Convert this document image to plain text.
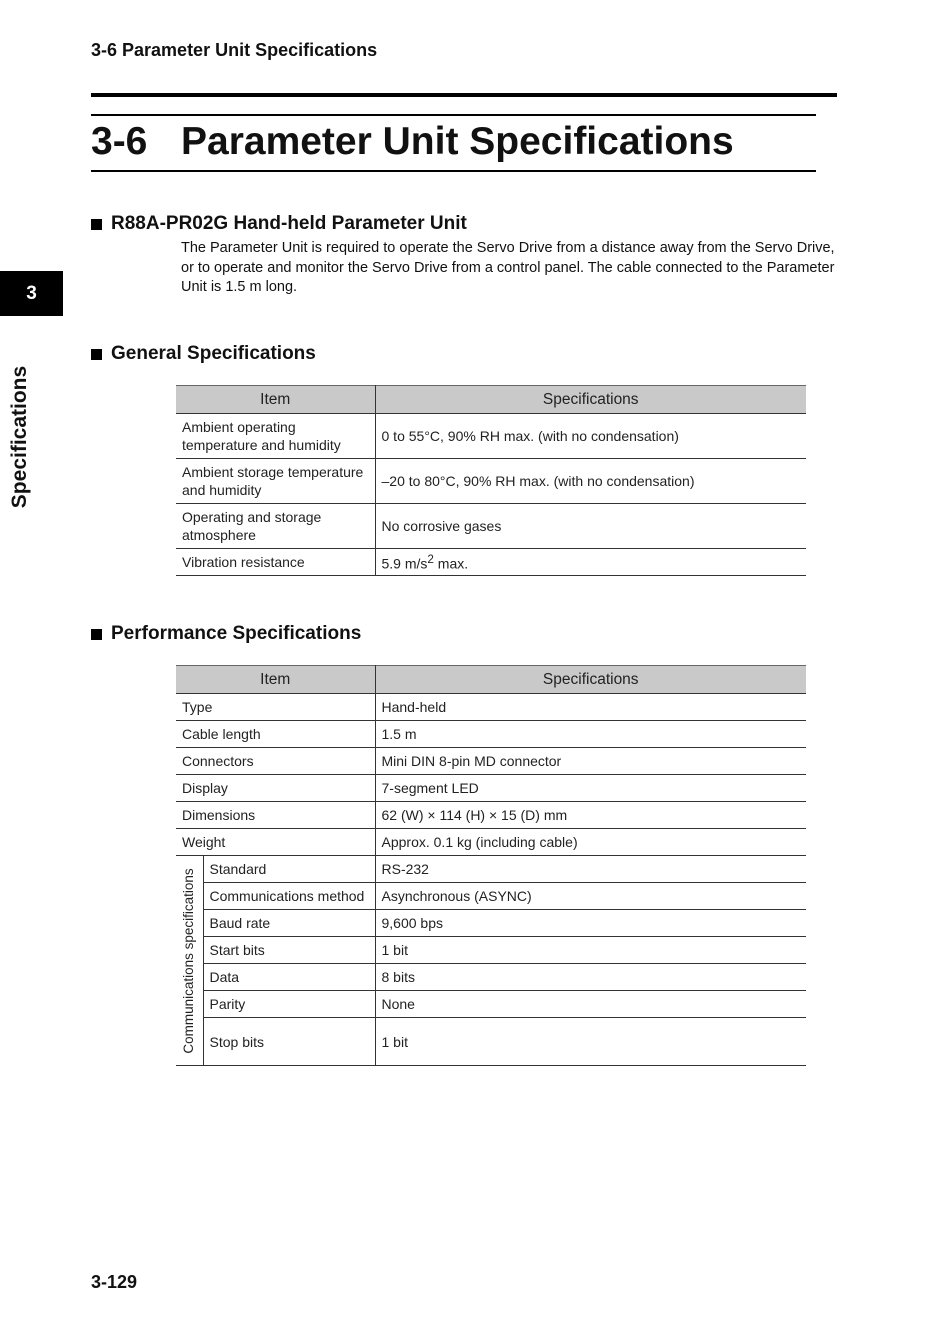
3-6 Parameter Unit Specifications
3-6 Parameter Unit Specifications
3
Specifications
R88A-PR02G Hand-held Parameter Unit
The Parameter Unit is required to operate the Servo Drive from a distance away from the Servo Drive, or to operate and monitor the Servo Drive from a control panel. The cable connected to the Parameter Unit is 1.5 m long.
General Specifications
Item	Specifications
Ambient operating temperature and humidity	0 to 55°C, 90% RH max. (with no condensation)
Ambient storage temperature and humidity	–20 to 80°C, 90% RH max. (with no condensation)
Operating and storage atmosphere	No corrosive gases
Vibration resistance	5.9 $m/s^2$ max.
Performance Specifications
Item		Specifications
Type		Hand-held
Cable length		1.5 m
Connectors		Mini DIN 8-pin MD connector
Display		7-segment LED
Dimensions		62 (W) × 114 (H) × 15 (D) mm
Weight		Approx. 0.1 kg (including cable)

Communications specifications	Standard	RS-232
	Communications method	Asynchronous (ASYNC)
	Baud rate	9,600 bps
	Start bits	1 bit
	Data	8 bits
	Parity	None
	Stop bits	1 bit
3-129
